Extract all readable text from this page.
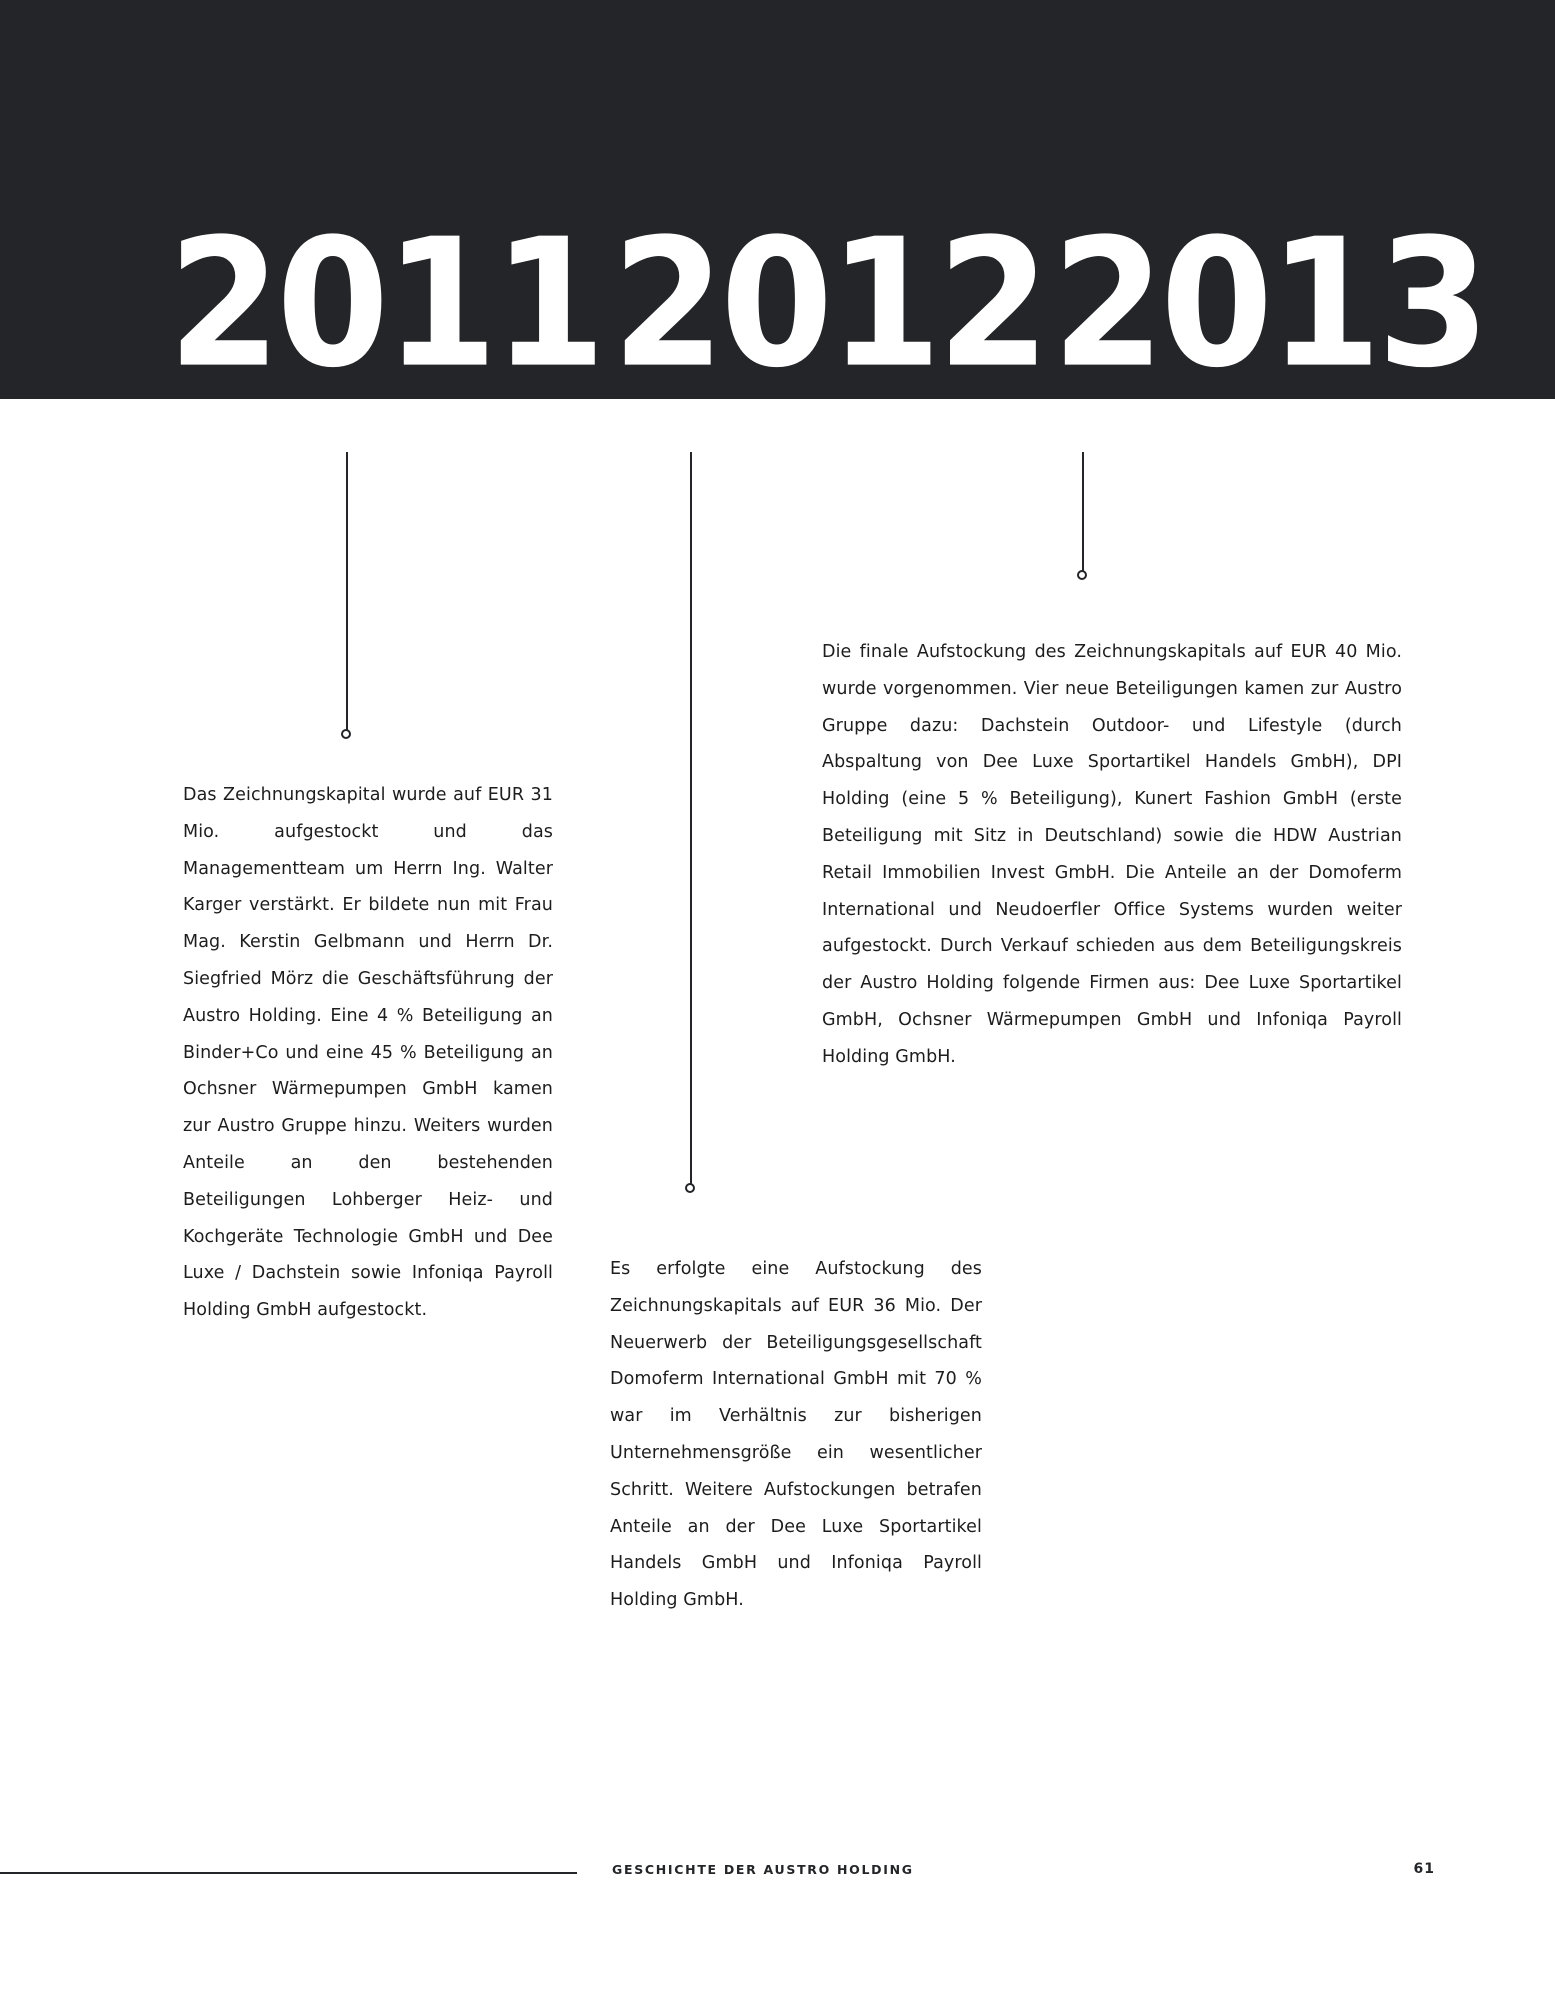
2011 2012 2013

Das Zeichnungskapital wurde auf EUR 31 Mio. aufgestockt und das Managementteam um Herrn Ing. Walter Karger verstärkt. Er bildete nun mit Frau Mag. Kerstin Gelbmann und Herrn Dr. Siegfried Mörz die Geschäftsführung der Austro Holding. Eine 4 % Beteiligung an Binder+Co und eine 45 % Beteiligung an Ochsner Wärmepumpen GmbH kamen zur Austro Gruppe hinzu. Weiters wurden Anteile an den bestehenden Beteiligungen Lohberger Heiz- und Kochgeräte Technologie GmbH und Dee Luxe / Dachstein sowie Infoniqa Payroll Holding GmbH aufgestockt.

Es erfolgte eine Aufstockung des Zeichnungskapitals auf EUR 36 Mio. Der Neuerwerb der Beteiligungsgesellschaft Domoferm International GmbH mit 70 % war im Verhältnis zur bisherigen Unternehmensgröße ein wesentlicher Schritt. Weitere Aufstockungen betrafen Anteile an der Dee Luxe Sportartikel Handels GmbH und Infoniqa Payroll Holding GmbH.

Die finale Aufstockung des Zeichnungskapitals auf EUR 40 Mio. wurde vorgenommen. Vier neue Beteiligungen kamen zur Austro Gruppe dazu: Dachstein Outdoor- und Lifestyle (durch Abspaltung von Dee Luxe Sportartikel Handels GmbH), DPI Holding (eine 5 % Beteiligung), Kunert Fashion GmbH (erste Beteiligung mit Sitz in Deutschland) sowie die HDW Austrian Retail Immobilien Invest GmbH. Die Anteile an der Domoferm International und Neudoerfler Office Systems wurden weiter aufgestockt. Durch Verkauf schieden aus dem Beteiligungskreis der Austro Holding folgende Firmen aus: Dee Luxe Sportartikel GmbH, Ochsner Wärmepumpen GmbH und Infoniqa Payroll Holding GmbH.

GESCHICHTE DER AUSTRO HOLDING	61
